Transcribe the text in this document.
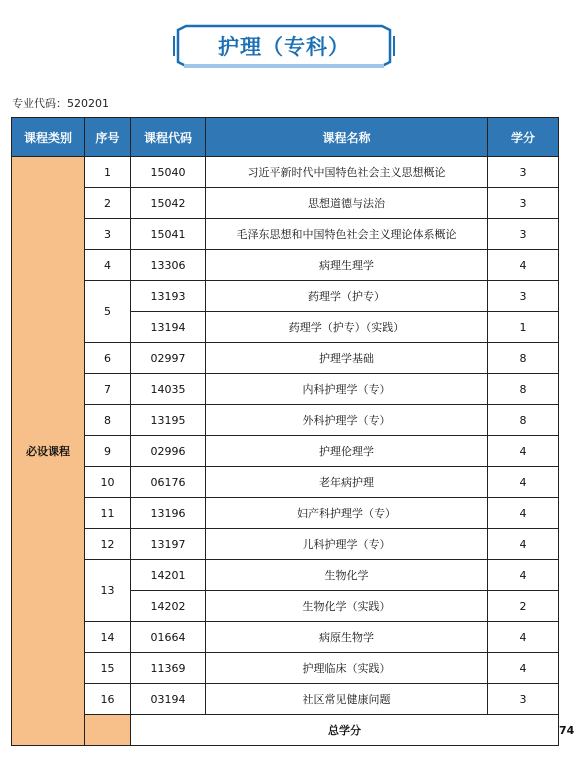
护理（专科）
专业代码：520201
课程类别	序号	课程代码	课程名称	学分	
必设课程	1	15040	习近平新时代中国特色社会主义思想概论	3	
	2	15042	思想道德与法治	3	
	3	15041	毛泽东思想和中国特色社会主义理论体系概论	3	
	4	13306	病理生理学	4	
	5	13193	药理学（护专）	3	
		13194	药理学（护专）（实践）	1	
	6	02997	护理学基础	8	
	7	14035	内科护理学（专）	8	
	8	13195	外科护理学（专）	8	
	9	02996	护理伦理学	4	
	10	06176	老年病护理	4	
	11	13196	妇产科护理学（专）	4	
	12	13197	儿科护理学（专）	4	
	13	14201	生物化学	4	
		14202	生物化学（实践）	2	
	14	01664	病原生物学	4	
	15	11369	护理临床（实践）	4	
	16	03194	社区常见健康问题	3	
		总学分			74
